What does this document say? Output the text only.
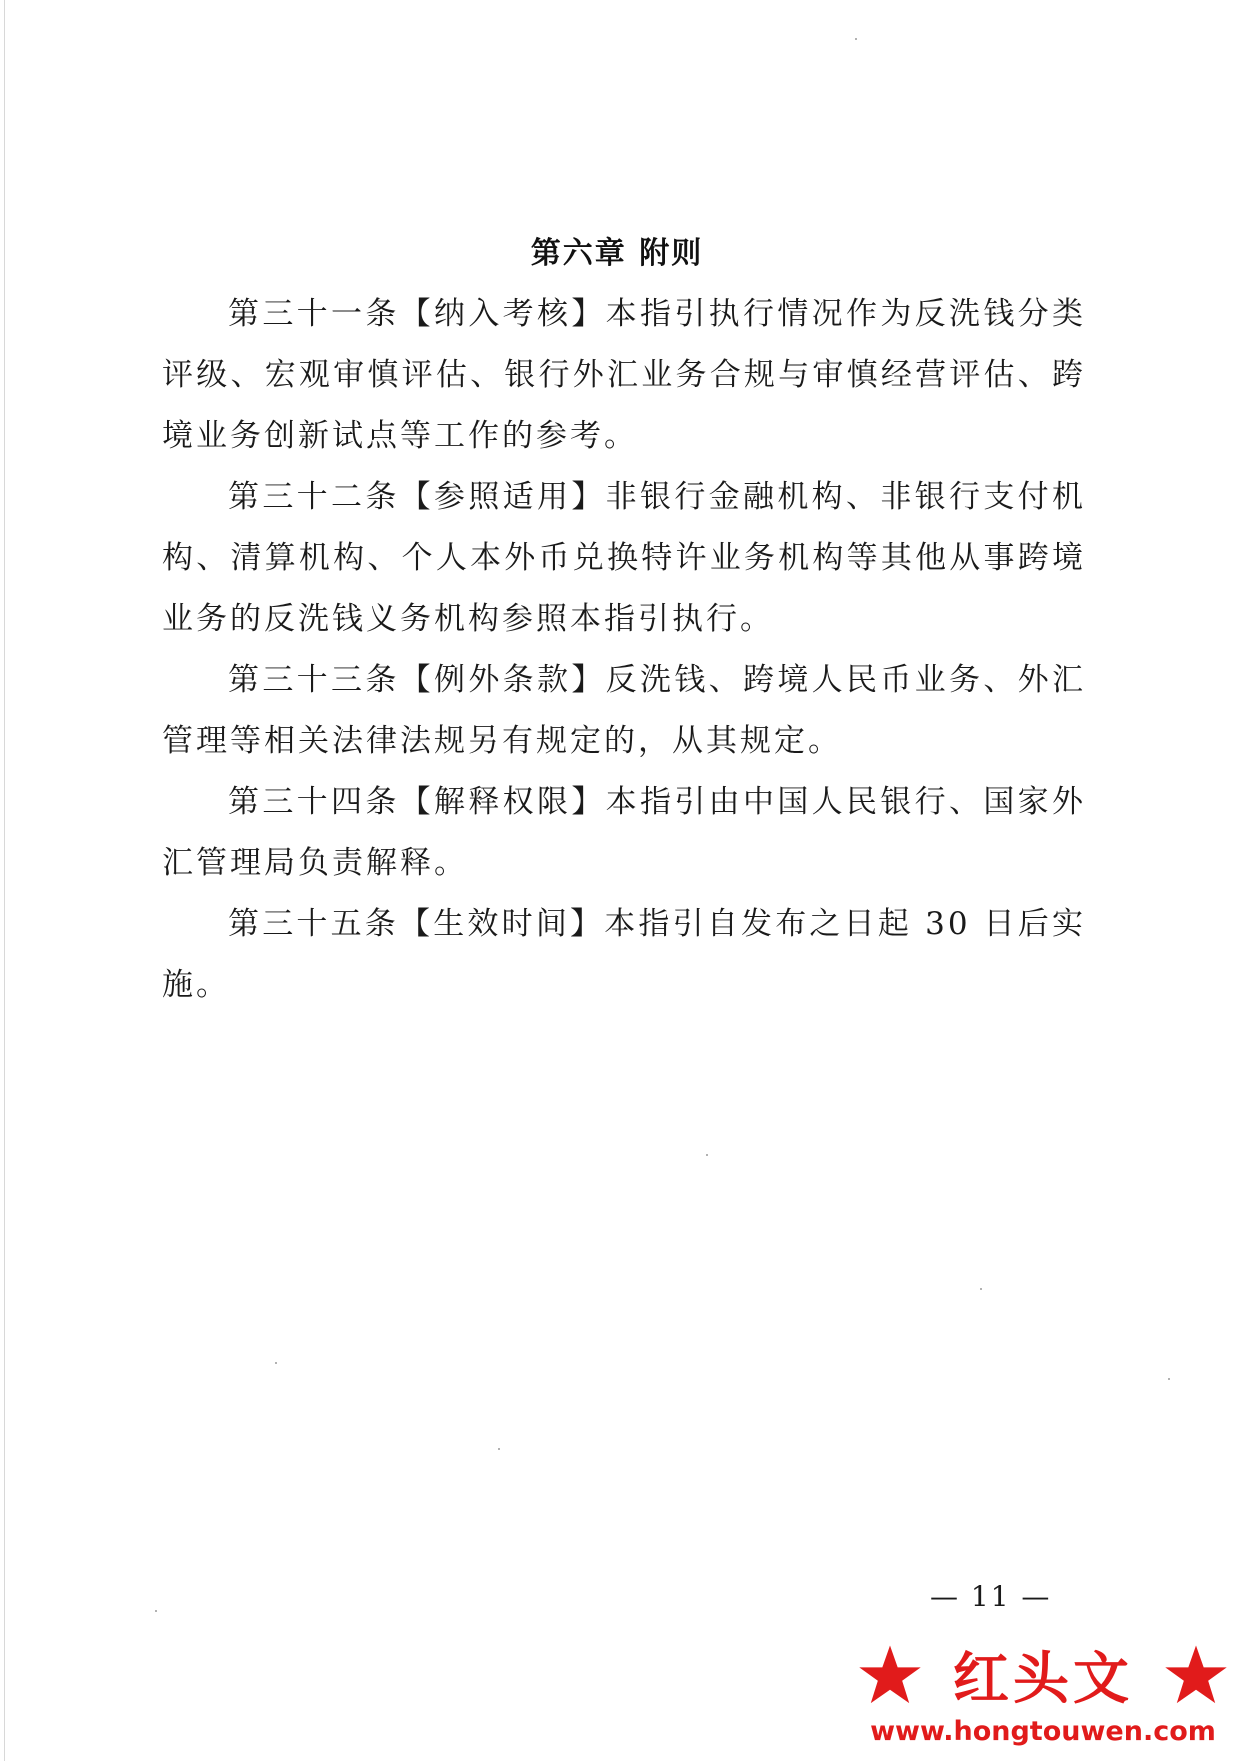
第六章 附则

第三十一条【纳入考核】本指引执行情况作为反洗钱分类评级、宏观审慎评估、银行外汇业务合规与审慎经营评估、跨境业务创新试点等工作的参考。

第三十二条【参照适用】非银行金融机构、非银行支付机构、清算机构、个人本外币兑换特许业务机构等其他从事跨境业务的反洗钱义务机构参照本指引执行。

第三十三条【例外条款】反洗钱、跨境人民币业务、外汇管理等相关法律法规另有规定的，从其规定。

第三十四条【解释权限】本指引由中国人民银行、国家外汇管理局负责解释。

第三十五条【生效时间】本指引自发布之日起 30 日后实施。

— 11 —
红头文
www.hongtouwen.com
